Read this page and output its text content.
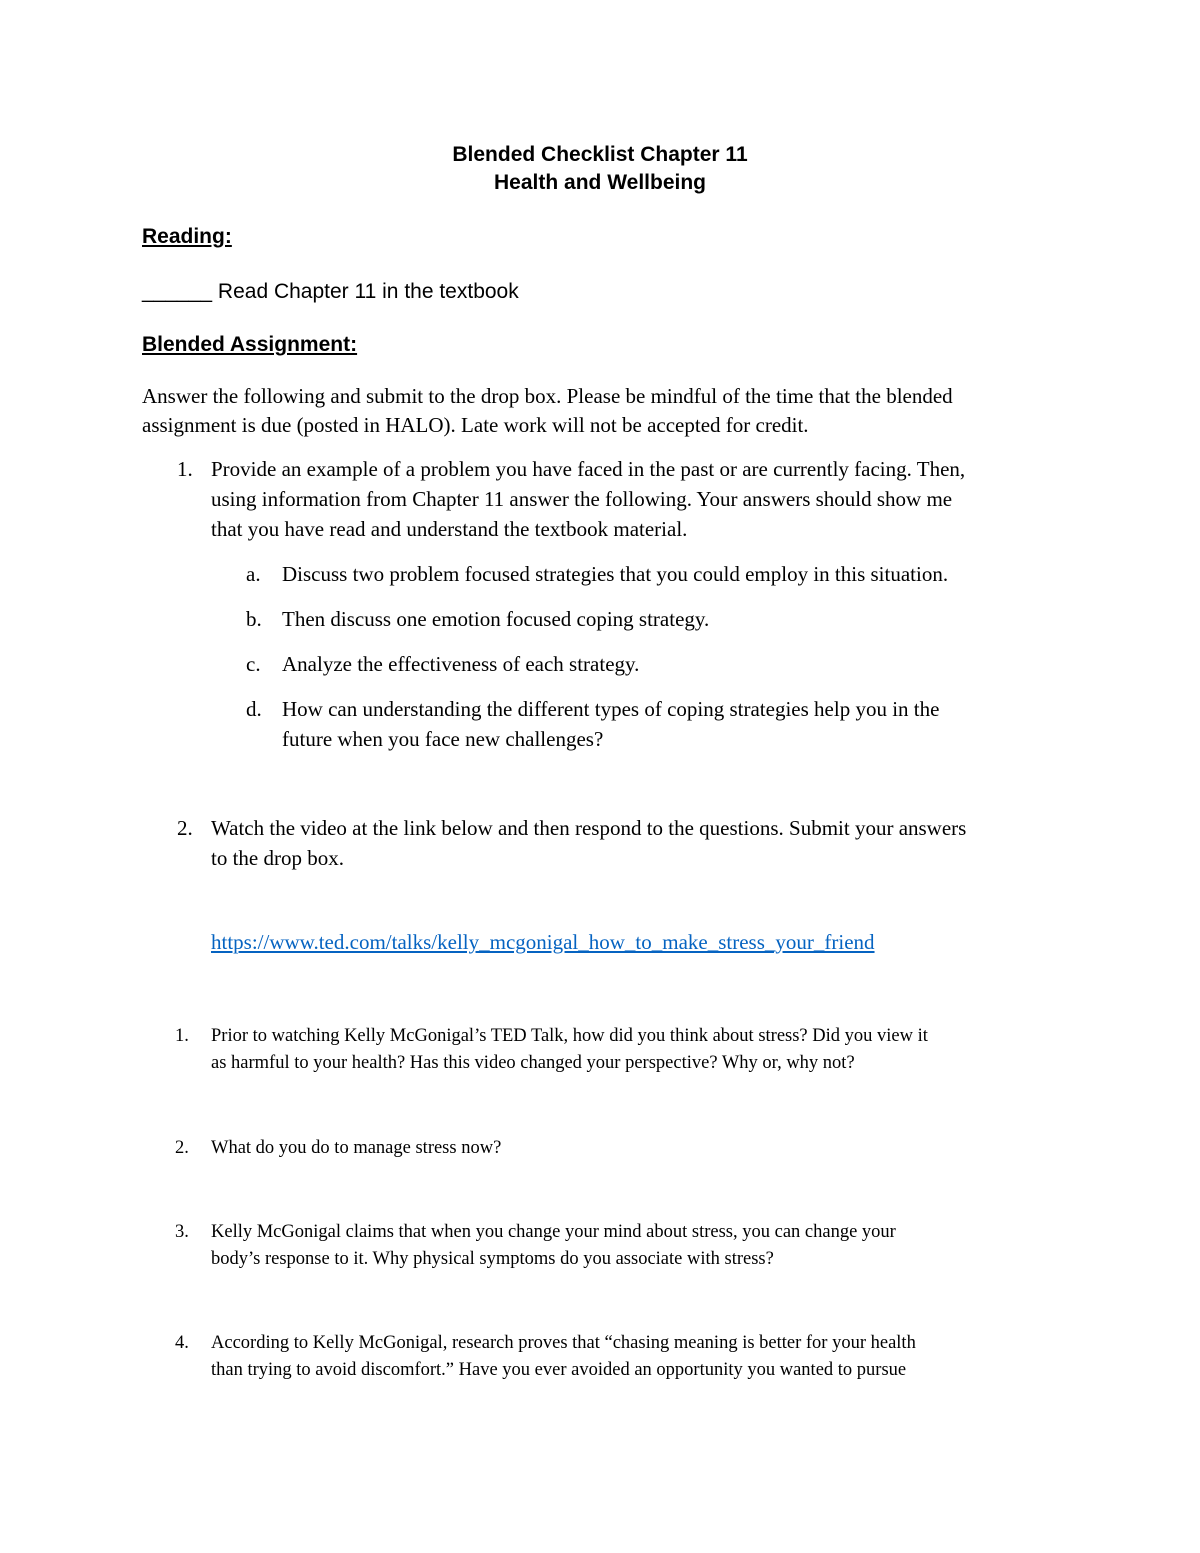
Blended Checklist Chapter 11
Health and Wellbeing
Reading:
______ Read Chapter 11 in the textbook
Blended Assignment:
Answer the following and submit to the drop box. Please be mindful of the time that the blended
assignment is due (posted in HALO). Late work will not be accepted for credit.
1. Provide an example of a problem you have faced in the past or are currently facing. Then,
using information from Chapter 11 answer the following. Your answers should show me
that you have read and understand the textbook material.
a. Discuss two problem focused strategies that you could employ in this situation.
b. Then discuss one emotion focused coping strategy.
c. Analyze the effectiveness of each strategy.
d. How can understanding the different types of coping strategies help you in the
future when you face new challenges?
2. Watch the video at the link below and then respond to the questions. Submit your answers
to the drop box.
https://www.ted.com/talks/kelly_mcgonigal_how_to_make_stress_your_friend
1. Prior to watching Kelly McGonigal’s TED Talk, how did you think about stress? Did you view it
as harmful to your health? Has this video changed your perspective? Why or, why not?
2. What do you do to manage stress now?
3. Kelly McGonigal claims that when you change your mind about stress, you can change your
body’s response to it. Why physical symptoms do you associate with stress?
4. According to Kelly McGonigal, research proves that “chasing meaning is better for your health
than trying to avoid discomfort.” Have you ever avoided an opportunity you wanted to pursue
